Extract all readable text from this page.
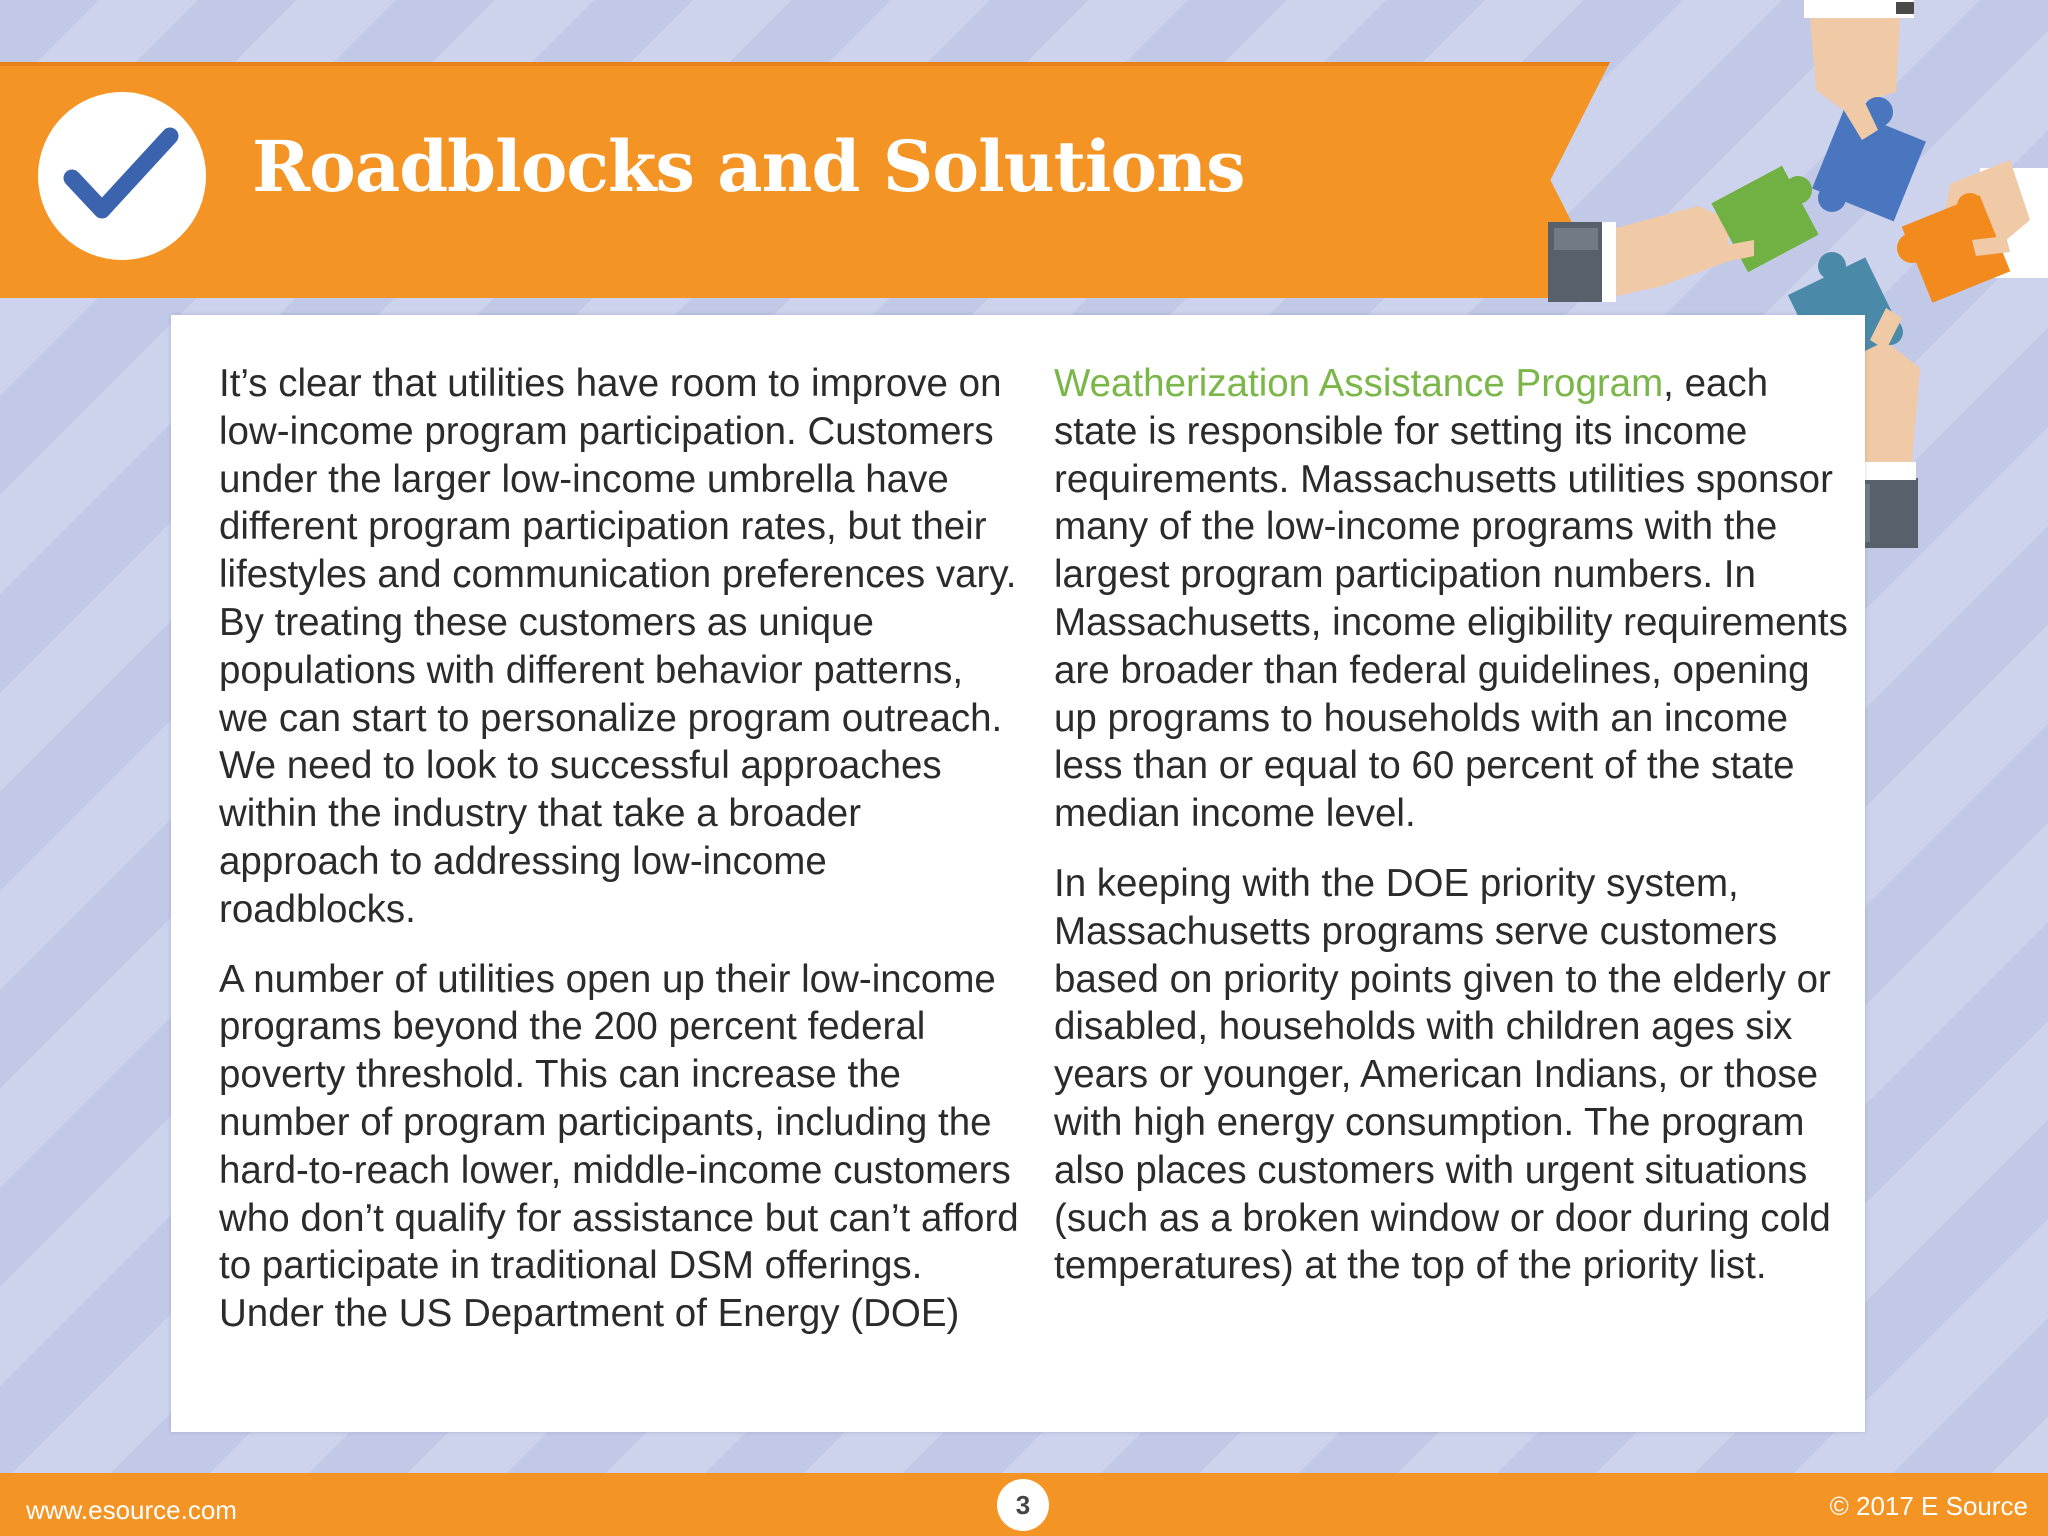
Roadblocks and Solutions

It’s clear that utilities have room to improve on low-income program participation. Customers under the larger low-income umbrella have different program participation rates, but their lifestyles and communication preferences vary. By treating these customers as unique populations with different behavior patterns, we can start to personalize program outreach. We need to look to successful approaches within the industry that take a broader approach to addressing low-income roadblocks.

A number of utilities open up their low-income programs beyond the 200 percent federal poverty threshold. This can increase the number of program participants, including the hard-to-reach lower, middle-income customers who don’t qualify for assistance but can’t afford to participate in traditional DSM offerings. Under the US Department of Energy (DOE)

Weatherization Assistance Program, each state is responsible for setting its income requirements. Massachusetts utilities sponsor many of the low-income programs with the largest program participation numbers. In Massachusetts, income eligibility requirements are broader than federal guidelines, opening up programs to households with an income less than or equal to 60 percent of the state median income level.

In keeping with the DOE priority system, Massachusetts programs serve customers based on priority points given to the elderly or disabled, households with children ages six years or younger, American Indians, or those with high energy consumption. The program also places customers with urgent situations (such as a broken window or door during cold temperatures) at the top of the priority list.

www.esource.com	© 2017 E Source
3
